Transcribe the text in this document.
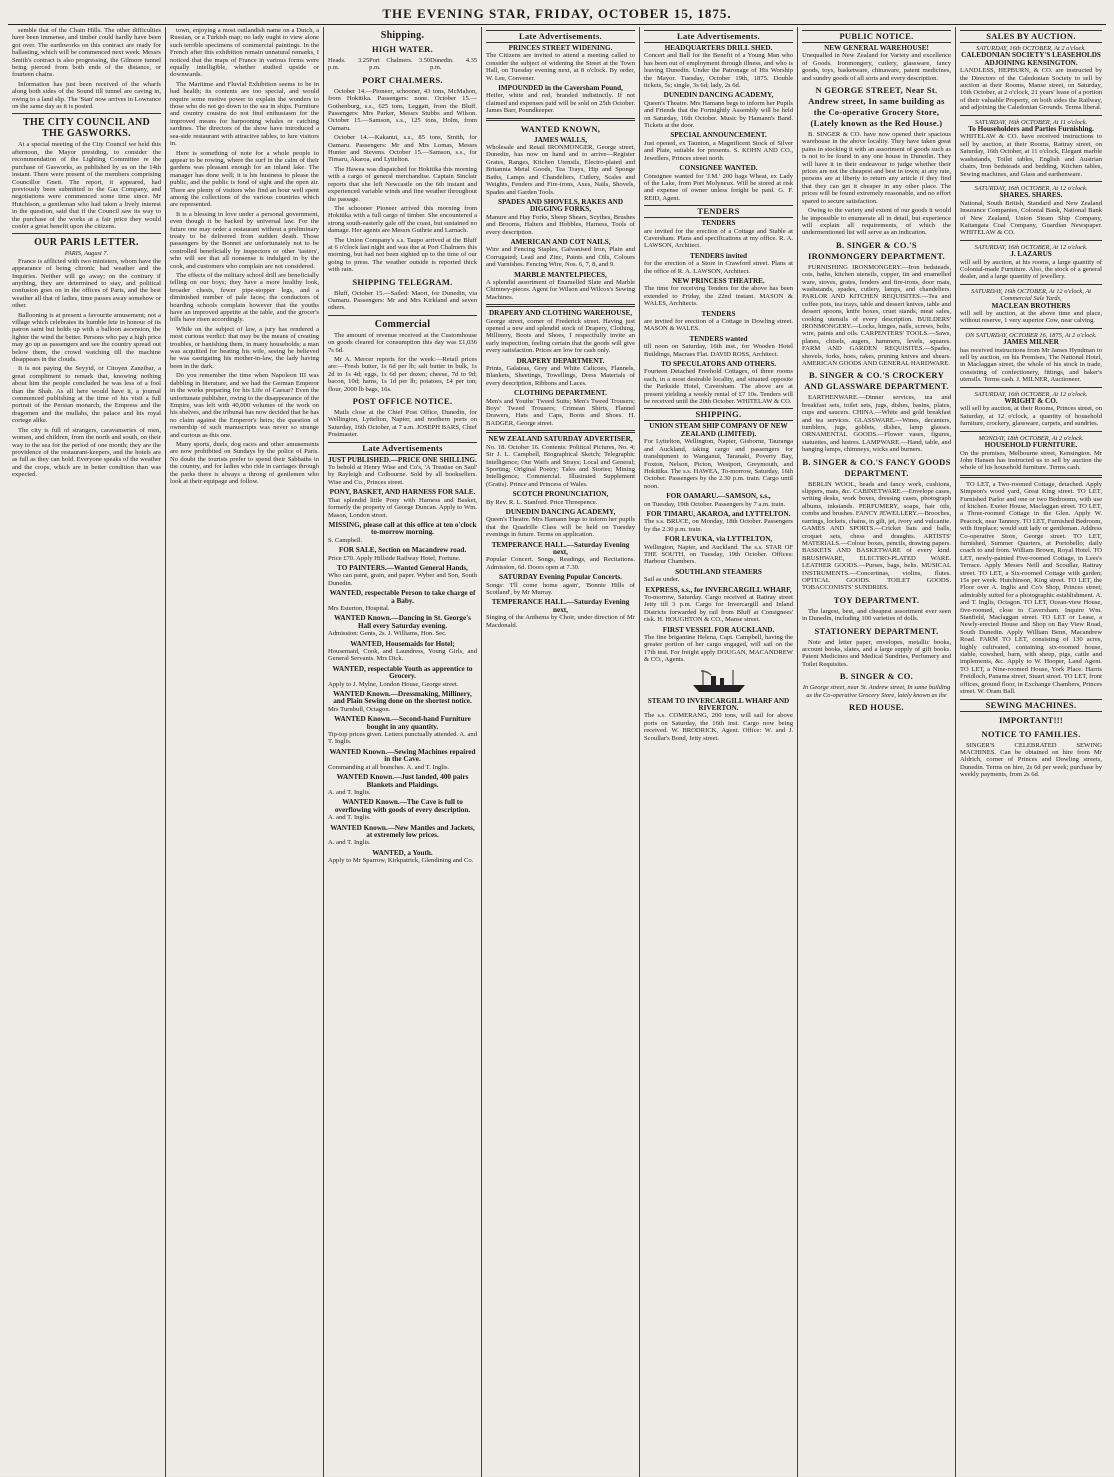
THE EVENING STAR, FRIDAY, OCTOBER 15, 1875.

semble that of the Chain Hills. The other difficulties have been immense, and timber could hardly have been got over. The earthworks on this contract are ready for ballasting, which will be commenced next week. Messrs Smith's contract is also progressing, the Gilmore tunnel being pierced from both ends of the distance, or fourteen chains.

Information has just been received of the wharfs along both sides of the Sound till tunnel are caving in, owing to a land slip. The 'Stan' now arrives in Lowrance on the same day as it is posted.

THE CITY COUNCIL AND THE GASWORKS.

At a special meeting of the City Council we held this afternoon, the Mayor presiding, to consider the recommendation of the Lighting Committee re the purchase of Gasworks, as published by us on the 14th instant. There were present of the members comprising Councillor Gnett. The report, it appeared, had previously been submitted to the Gas Company, and negotiations were commenced some time since. Mr Hutchison, a gentleman who had taken a lively interest in the question, said that if the Council saw its way to the purchase of the works at a fair price they would confer a great benefit upon the citizens.

OUR PARIS LETTER.
PARIS, August 7.

France is afflicted with two ministers, whom have the appearance of being chronic had weather and the Inquiries. Neither will go away; on the contrary if anything, they are determined to stay, and political confusion goes on in the offices of Paris, and the best weather all that of ladies, time passes away somehow or other.

Ballooning is at present a favourite amusement; not a village which celebrates its humble fete in honour of its patron saint but holds up with a balloon ascension, the lighter the wind the better. Persons who pay a high price may go up as passengers and see the country spread out below them, the crowd watching till the machine disappears in the clouds.

It is not paying the Seyyid, or Citoyen Zanzibar, a great compliment to remark that, knowing nothing about him the people concluded he was less of a fool than the Shah. As all here would have it, a journal commenced publishing at the time of his visit a full portrait of the Persian monarch, the Empress and the dragomen and the mullahs, the palace and his royal cortege alike.

The city is full of strangers, caravanseries of men, women, and children, from the north and south, on their way to the sea for the period of one month; they are the providence of the restaurant-keepers, and the hotels are as full as they can hold. Everyone speaks of the weather and the crops, which are in better condition than was expected.

town, enjoying a most outlandish name on a Dutch, a Russian, or a Turkish map; no lady ought to view alone such terrible specimens of commercial paintings. In the French after this exhibition remain unnatural remarks, I noticed that the maps of France in various forms were equally intelligible, whether studied upside or downwards.

The Maritime and Fluvial Exhibition seems to be in bad health; its contents are too special, and would require some motive power to explain the wonders to those who do not go down to the sea in ships. Furniture and country cousins do not find enthusiasm for the improved means for harpooning whales or catching sardines. The directors of the show have introduced a sea-side restaurant with attractive tables, to lure visitors in.

Here is something of note for a whole people to appear to be rowing, where the surf in the calm of their gardens was pleasant enough for an inland lake. The manager has done well; it is his business to please the public, and the public is fond of sight and the open air. There are plenty of visitors who find an hour well spent among the collections of the various countries which are represented.

It is a blessing in love under a personal government, even though it be backed by universal law. For the future one may order a restaurant without a preliminary treaty to be delivered from sudden death. Those passengers by the Bonnet are unfortunately not to be controlled beneficially by inspectors or other 'tasters', who will see that all nonsense is indulged in by the cook, and customers who complain are not considered.

The effects of the military school drill are beneficially telling on our boys; they have a more healthy look, broader chests, fewer pipe-stopper legs, and a diminished number of pale faces; the conductors of boarding schools complain however that the youths have an improved appetite at the table, and the grocer's bills have risen accordingly.

While on the subject of law, a jury has rendered a most curious verdict: that may be the means of creating troubles, or banishing them, in many households; a man was acquitted for beating his wife, seeing he believed he was castigating his mother-in-law, the lady having been in the dark.

Do you remember the time when Napoleon III was dabbling in literature, and we had the German Emperor in the works preparing for his Life of Caesar? Even the unfortunate publisher, owing to the disappearance of the Empire, was left with 40,000 volumes of the work on his shelves, and the tribunal has now decided that he has no claim against the Emperor's heirs; the question of ownership of such manuscripts was never so strange and curious as this one.

Many sports, duels, dog races and other amusements are now prohibited on Sundays by the police of Paris. No doubt the tourists prefer to spend their Sabbaths in the country, and for ladies who ride in carriages through the parks there is always a throng of gentlemen who look at their equipage and follow.

Shipping.
HIGH WATER.
Heads. 3.25 p.m.
Port Chalmers. 3.50 p.m.
Dunedin. 4.35 p.m.
PORT CHALMERS.

October 14.—Pioneer, schooner, 43 tons, McMahon, from Hokitika. Passengers: none. October 15.—Gothenburg, s.s., 625 tons, Leggatt, from the Bluff. Passengers: Mrs Parker, Messrs Stubbs and Wilson. October 15.—Samson, s.s., 125 tons, Holm, from Oamaru.

October 14.—Kakanui, s.s., 85 tons, Smith, for Oamaru. Passengers: Mr and Mrs Lomas, Messrs Hunter and Stevens. October 15.—Samson, s.s., for Timaru, Akaroa, and Lyttelton.

The Hawea was dispatched for Hokitika this morning with a cargo of general merchandise. Captain Sinclair reports that she left Newcastle on the 6th instant and experienced variable winds and fine weather throughout the passage.

The schooner Pioneer arrived this morning from Hokitika with a full cargo of timber. She encountered a strong south-easterly gale off the coast, but sustained no damage. Her agents are Messrs Guthrie and Larnach.

The Union Company's s.s. Taupo arrived at the Bluff at 6 o'clock last night and was due at Port Chalmers this morning, but had not been sighted up to the time of our going to press. The weather outside is reported thick with rain.

SHIPPING TELEGRAM.

Bluff, October 15.—Sailed: Maori, for Dunedin, via Oamaru. Passengers: Mr and Mrs Kirkland and seven others.

Commercial

The amount of revenue received at the Customhouse on goods cleared for consumption this day was £1,036 7s 6d.

Mr A. Mercer reports for the week:—Retail prices are:—Fresh butter, 1s 6d per lb; salt butter in bulk, 1s 2d to 1s 4d; eggs, 1s 6d per dozen; cheese, 7d to 9d; bacon, 10d; hams, 1s 1d per lb; potatoes, £4 per ton; flour, 2000 lb bags, 16s.

POST OFFICE NOTICE.

Mails close at the Chief Post Office, Dunedin, for Wellington, Lyttelton, Napier, and northern ports on Saturday, 16th October, at 7 a.m. JOSEPH BARS, Chief Postmaster.

Late Advertisements
JUST PUBLISHED.—PRICE ONE SHILLING.
To behold at Henry Wise and Co's, 'A Treatise on Saul' by Rayleigh and Colbourne. Sold by all booksellers. Wise and Co., Princes street.
PONY, BASKET, AND HARNESS FOR SALE.
That splendid little Pony with Harness and Basket, formerly the property of George Duncan. Apply to Wm. Mason, London street.
MISSING, please call at this office at ten o'clock to-morrow morning.
S. Campbell.
FOR SALE, Section on Macandrew road.
Price £70. Apply Hillside Railway Hotel, Fortune.
TO PAINTERS.—Wanted General Hands,
Who can paint, grain, and paper. Wyber and Son, South Dunedin.
WANTED, respectable Person to take charge of a Baby.
Mrs Esterton, Hospital.
WANTED Known.—Dancing in St. George's Hall every Saturday evening.
Admission: Gents, 2s. J. Williams, Hon. Sec.
WANTED, Housemaids for Hotel;
Housemaid, Cook, and Laundress, Young Girls, and General Servants. Mrs Dick.
WANTED, respectable Youth as apprentice to Grocery.
Apply to J. Mylne, London House, George street.
WANTED Known.—Dressmaking, Millinery, and Plain Sewing done on the shortest notice.
Mrs Turnbull, Octagon.
WANTED Known.—Second-hand Furniture bought in any quantity.
Tip-top prices given. Letters punctually attended. A. and T. Inglis.
WANTED Known.—Sewing Machines repaired in the Cave.
Commanding at all branches. A. and T. Inglis.
WANTED Known.—Just landed, 400 pairs Blankets and Plaidings.
A. and T. Inglis.
WANTED Known.—The Cave is full to overflowing with goods of every description.
A. and T. Inglis.
WANTED Known.—New Mantles and Jackets, at extremely low prices.
A. and T. Inglis.
WANTED, a Youth.
Apply to Mr Sparrow, Kirkpatrick, Glendining and Co.
Late Advertisements.
PRINCES STREET WIDENING.
The Citizens are invited to attend a meeting called to consider the subject of widening the Street at the Town Hall, on Tuesday evening next, at 8 o'clock. By order, W. Lee, Convener.
IMPOUNDED in the Caversham Pound,
Heifer, white and red, branded indistinctly. If not claimed and expenses paid will be sold on 25th October. James Barr, Poundkeeper.
WANTED KNOWN,
JAMES WALLS,
Wholesale and Retail IRONMONGER, George street, Dunedin, has now on hand and to arrive—Register Grates, Ranges, Kitchen Utensils, Electro-plated and Britannia Metal Goods, Tea Trays, Hip and Sponge Baths, Lamps and Chandeliers, Cutlery, Scales and Weights, Fenders and Fire-irons, Axes, Nails, Shovels, Spades and Garden Tools.
SPADES AND SHOVELS, RAKES AND DIGGING FORKS,
Manure and Hay Forks, Sheep Shears, Scythes, Brushes and Brooms, Halters and Hobbles, Harness, Tools of every description.
AMERICAN AND COT NAILS,
Wire and Fencing Staples, Galvanised Iron, Plain and Corrugated; Lead and Zinc, Paints and Oils, Colours and Varnishes. Fencing Wire, Nos. 6, 7, 8, and 9.
MARBLE MANTELPIECES,
A splendid assortment of Enamelled Slate and Marble Chimney-pieces. Agent for Wilson and Wilcox's Sewing Machines.
DRAPERY AND CLOTHING WAREHOUSE,
George street, corner of Frederick street. Having just opened a new and splendid stock of Drapery, Clothing, Millinery, Boots and Shoes, I respectfully invite an early inspection, feeling certain that the goods will give every satisfaction. Prices are low for cash only.
DRAPERY DEPARTMENT.
Prints, Galateas, Grey and White Calicoes, Flannels, Blankets, Sheetings, Towellings, Dress Materials of every description, Ribbons and Laces.
CLOTHING DEPARTMENT.
Men's and Youths' Tweed Suits; Men's Tweed Trousers; Boys' Tweed Trousers; Crimean Shirts, Flannel Drawers, Hats and Caps, Boots and Shoes. H. BADGER, George street.
NEW ZEALAND SATURDAY ADVERTISER,
No. 18. October 16. Contents: Political Pictures, No. 4; Sir J. L. Campbell, Biographical Sketch; Telegraphic Intelligence; Our Waifs and Strays; Local and General; Sporting; Original Poetry; Tales and Stories; Mining Intelligence; Commercial. Illustrated Supplement (Gratis). Prince and Princess of Wales.
SCOTCH PRONUNCIATION,
By Rev. R. L. Stanford. Price Threepence.
DUNEDIN DANCING ACADEMY,
Queen's Theatre. Mrs Hamann begs to inform her pupils that the Quadrille Class will be held on Tuesday evenings in future. Terms on application.
TEMPERANCE HALL.—Saturday Evening next,
Popular Concert. Songs, Readings, and Recitations. Admission, 6d. Doors open at 7.30.
SATURDAY Evening Popular Concerts.
Songs: 'I'll come home again', 'Bonnie Hills of Scotland', by Mr Murray.
TEMPERANCE HALL.—Saturday Evening next,
Singing of the Anthems by Choir, under direction of Mr Macdonald.
Late Advertisements.
HEADQUARTERS DRILL SHED.
Concert and Ball for the Benefit of a Young Man who has been out of employment through illness, and who is leaving Dunedin. Under the Patronage of His Worship the Mayor. Tuesday, October 19th, 1875. Double tickets, 5s; single, 3s 6d; lady, 2s 6d.
DUNEDIN DANCING ACADEMY,
Queen's Theatre. Mrs Hamann begs to inform her Pupils and Friends that the Fortnightly Assembly will be held on Saturday, 16th October. Music by Hamann's Band. Tickets at the door.
SPECIAL ANNOUNCEMENT.
Just opened, ex Taunton, a Magnificent Stock of Silver and Plate, suitable for presents. S. KOHN AND CO., Jewellers, Princes street north.
CONSIGNEE WANTED.
Consignee wanted for 'J.M.' 200 bags Wheat, ex Lady of the Lake, from Port Molyneux. Will be stored at risk and expense of owner unless freight be paid. G. F. REID, Agent.
TENDERS
TENDERS
are invited for the erection of a Cottage and Stable at Caversham. Plans and specifications at my office. R. A. LAWSON, Architect.
TENDERS invited
for the erection of a Store in Crawford street. Plans at the office of R. A. LAWSON, Architect.
NEW PRINCESS THEATRE.
The time for receiving Tenders for the above has been extended to Friday, the 22nd instant. MASON & WALES, Architects.
TENDERS
are invited for erection of a Cottage in Dowling street. MASON & WALES.
TENDERS wanted
till noon on Saturday, 16th inst., for Wooden Hotel Buildings, Macraes Flat. DAVID ROSS, Architect.
TO SPECULATORS AND OTHERS.
Fourteen Detached Freehold Cottages, of three rooms each, in a most desirable locality, and situated opposite the Parkside Hotel, Caversham. The above are at present yielding a weekly rental of £7 10s. Tenders will be received until the 20th October. WHITELAW & CO.
SHIPPING.
UNION STEAM SHIP COMPANY OF NEW ZEALAND (LIMITED).
For Lyttelton, Wellington, Napier, Gisborne, Tauranga and Auckland, taking cargo and passengers for transhipment to Wanganui, Taranaki, Poverty Bay, Foxton, Nelson, Picton, Westport, Greymouth, and Hokitika. The s.s. HAWEA, To-morrow, Saturday, 16th October. Passengers by the 2.30 p.m. train. Cargo until noon.
FOR OAMARU.—SAMSON, s.s.,
on Tuesday, 19th October. Passengers by 7 a.m. train.
FOR TIMARU, AKAROA, and LYTTELTON.
The s.s. BRUCE, on Monday, 18th October. Passengers by the 2.30 p.m. train.
FOR LEVUKA, via LYTTELTON,
Wellington, Napier, and Auckland. The s.s. STAR OF THE SOUTH, on Tuesday, 19th October. Offices: Harbour Chambers.
SOUTHLAND STEAMERS
Sail as under.
EXPRESS, s.s., for INVERCARGILL WHARF,
To-morrow, Saturday. Cargo received at Rattray street Jetty till 3 p.m. Cargo for Invercargill and Inland Districts forwarded by rail from Bluff at Consignees' risk. H. HOUGHTON & CO., Manse street.
FIRST VESSEL FOR AUCKLAND.
The fine brigantine Helena, Capt. Campbell, having the greater portion of her cargo engaged, will sail on the 17th inst. For freight apply DOUGAN, MACANDREW & CO., Agents.
STEAM TO INVERCARGILL WHARF AND RIVERTON.
The s.s. COMERANG, 200 tons, will sail for above ports on Saturday, the 16th inst. Cargo now being received. W. BRODRICK, Agent. Office: W. and J. Scoullar's Bond, Jetty street.
PUBLIC NOTICE.
NEW GENERAL WAREHOUSE!
Unequalled in New Zealand for Variety and excellence of Goods. Ironmongery, cutlery, glassware, fancy goods, toys, basketware, chinaware, patent medicines, and sundry goods of all sorts and every description.
N GEORGE STREET, Near St. Andrew street, In same building as the Co-operative Grocery Store, (Lately known as the Red House.)

B. SINGER & CO. have now opened their spacious warehouse in the above locality. They have taken great pains in stocking it with an assortment of goods such as is not to be found in any one house in Dunedin. They will have it in their endeavour to judge whether their prices are not the cheapest and best in town; at any rate, persons are at liberty to return any article if they find that they can get it cheaper in any other place. The prices will be found extremely reasonable, and no effort spared to secure satisfaction.

Owing to the variety and extent of our goods it would be impossible to enumerate all in detail, but experience will explain all requirements, of which the undermentioned list will serve as an indication.

B. SINGER & CO.'S IRONMONGERY DEPARTMENT.

FURNISHING IRONMONGERY.—Iron bedsteads, cots, baths, kitchen utensils, copper, tin and enamelled ware, stoves, grates, fenders and fire-irons, door mats, washstands, spades, cutlery, lamps, and chandeliers. PARLOR AND KITCHEN REQUISITES.—Tea and coffee pots, tea trays, table and dessert knives, table and dessert spoons, knife boxes, cruet stands, meat safes, cooking utensils of every description. BUILDERS' IRONMONGERY.—Locks, hinges, nails, screws, bolts, wire, paints and oils. CARPENTERS' TOOLS.—Saws, planes, chisels, augers, hammers, levels, squares. FARM AND GARDEN REQUISITES.—Spades, shovels, forks, hoes, rakes, pruning knives and shears. AMERICAN GOODS AND GENERAL HARDWARE.

B. SINGER & CO.'S CROCKERY AND GLASSWARE DEPARTMENT.

EARTHENWARE.—Dinner services, tea and breakfast sets, toilet sets, jugs, dishes, basins, plates, cups and saucers. CHINA.—White and gold breakfast and tea services. GLASSWARE.—Wines, decanters, tumblers, jugs, goblets, dishes, lamp glasses. ORNAMENTAL GOODS.—Flower vases, figures, statuettes, and lustres. LAMPWARE.—Hand, table, and hanging lamps, chimneys, wicks and burners.

B. SINGER & CO.'S FANCY GOODS DEPARTMENT.

BERLIN WOOL, beads and fancy work, cushions, slippers, mats, &c. CABINETWARE.—Envelope cases, writing desks, work boxes, dressing cases, photograph albums, inkstands. PERFUMERY, soaps, hair oils, combs and brushes. FANCY JEWELLERY.—Brooches, earrings, lockets, chains, in gilt, jet, ivory and vulcanite. GAMES AND SPORTS.—Cricket bats and balls, croquet sets, chess and draughts. ARTISTS' MATERIALS.—Colour boxes, pencils, drawing papers. BASKETS AND BASKETWARE of every kind. BRUSHWARE, ELECTRO-PLATED WARE. LEATHER GOODS.—Purses, bags, belts. MUSICAL INSTRUMENTS.—Concertinas, violins, flutes. OPTICAL GOODS. TOILET GOODS. TOBACCONISTS' SUNDRIES.

TOY DEPARTMENT.

The largest, best, and cheapest assortment ever seen in Dunedin, including 100 varieties of dolls.

STATIONERY DEPARTMENT.

Note and letter paper, envelopes, metallic books, account books, slates, and a large supply of gift books. Patent Medicines and Medical Sundries, Perfumery and Toilet Requisites.

B. SINGER & CO.
In George street, near St. Andrew street, In same building as the Co-operative Grocery Store, lately known as the
RED HOUSE.
SALES BY AUCTION.
SATURDAY, 16th OCTOBER, At 2 o'clock.
CALEDONIAN SOCIETY'S LEASEHOLDS ADJOINING KENSINGTON.
LANDLESS, HEPBURN, & CO. are instructed by the Directors of the Caledonian Society to sell by auction at their Rooms, Manse street, on Saturday, 16th October, at 2 o'clock, 21 years' lease of a portion of their valuable Property, on both sides the Railway, and adjoining the Caledonian Grounds. Terms liberal.
SATURDAY, 16th OCTOBER, At 11 o'clock.
To Householders and Parties Furnishing.
WHITELAW & CO. have received instructions to sell by auction, at their Rooms, Rattray street, on Saturday, 16th October, at 11 o'clock, Elegant marble washstands, Toilet tables, English and Austrian chairs, Iron bedsteads and bedding, Kitchen tables, Sewing machines, and Glass and earthenware.
SATURDAY, 16th OCTOBER, At 12 o'clock.
SHARES. SHARES.
National, South British, Standard and New Zealand Insurance Companies, Colonial Bank, National Bank of New Zealand, Union Steam Ship Company, Kaitangata Coal Company, Guardian Newspaper. WHITELAW & CO.
SATURDAY, 16th OCTOBER, At 12 o'clock.
J. LAZARUS
will sell by auction, at his rooms, a large quantity of Colonial-made Furniture. Also, the stock of a general dealer, and a large quantity of jewellery.
SATURDAY, 16th OCTOBER, At 12 o'clock, At Commercial Sale Yards,
MACLEAN BROTHERS
will sell by auction, at the above time and place, without reserve, 1 very superior Cow, near calving.
ON SATURDAY, OCTOBER 16, 1875, At 2 o'clock.
JAMES MILNER
has received instructions from Mr James Hyndman to sell by auction, on his Premises, The National Hotel, in Maclaggan street, the whole of his stock in trade, consisting of confectionery, fittings, and baker's utensils. Terms cash. J. MILNER, Auctioneer.
SATURDAY, 16th OCTOBER, At 12 o'clock.
WRIGHT & CO.
will sell by auction, at their Rooms, Princes street, on Saturday, at 12 o'clock, a quantity of household furniture, crockery, glassware, carpets, and sundries.
MONDAY, 18th OCTOBER, At 2 o'clock.
HOUSEHOLD FURNITURE.
On the premises, Melbourne street, Kensington. Mr John Hansen has instructed us to sell by auction the whole of his household furniture. Terms cash.

TO LET, a Two-roomed Cottage, detached. Apply Simpson's wood yard, Great King street. TO LET, Furnished Parlor and one or two Bedrooms, with use of kitchen. Exeter House, Maclaggan street. TO LET, a Three-roomed Cottage in the Glen. Apply W. Peacock, near Tannery. TO LET, Furnished Bedroom, with fireplace; would suit lady or gentleman. Address Co-operative Store, George street. TO LET, furnished, Summer Quarters, at Portobello; daily coach to and from. William Brown, Royal Hotel. TO LET, newly-painted Five-roomed Cottage, in Lees's Terrace. Apply Messrs Neill and Scoullar, Rattray street. TO LET, a Six-roomed Cottage with garden; 15s per week. Hutchinson, King street. TO LET, the Floor over A. Inglis and Co's Shop, Princes street; admirably suited for a photographic establishment. A. and T. Inglis, Octagon. TO LET, Ocean-view House, five-roomed, close to Caversham. Inquire Wm. Stanfield, Maclaggan street. TO LET or Lease, a Newly-erected House and Shop on Bay View Road, South Dunedin. Apply William Benn, Macandrew Road. FARM TO LET, consisting of 130 acres, highly cultivated, containing six-roomed house, stable, cowshed, barn, with sheep, pigs, cattle and implements, &c. Apply to W. Hooper, Land Agent. TO LET, a Nine-roomed House, York Place. Harris Freidloch, Panama street, Stuart street. TO LET, front offices, ground floor, in Exchange Chambers, Princes street. W. Oram Ball.

SEWING MACHINES.
IMPORTANT!!!
NOTICE TO FAMILIES.

SINGER'S CELEBRATED SEWING MACHINES. Can be obtained on hire from Mr Aldrich, corner of Princes and Dowling streets, Dunedin. Terms on hire, 2s 6d per week; purchase by weekly payments, from 2s 6d.
